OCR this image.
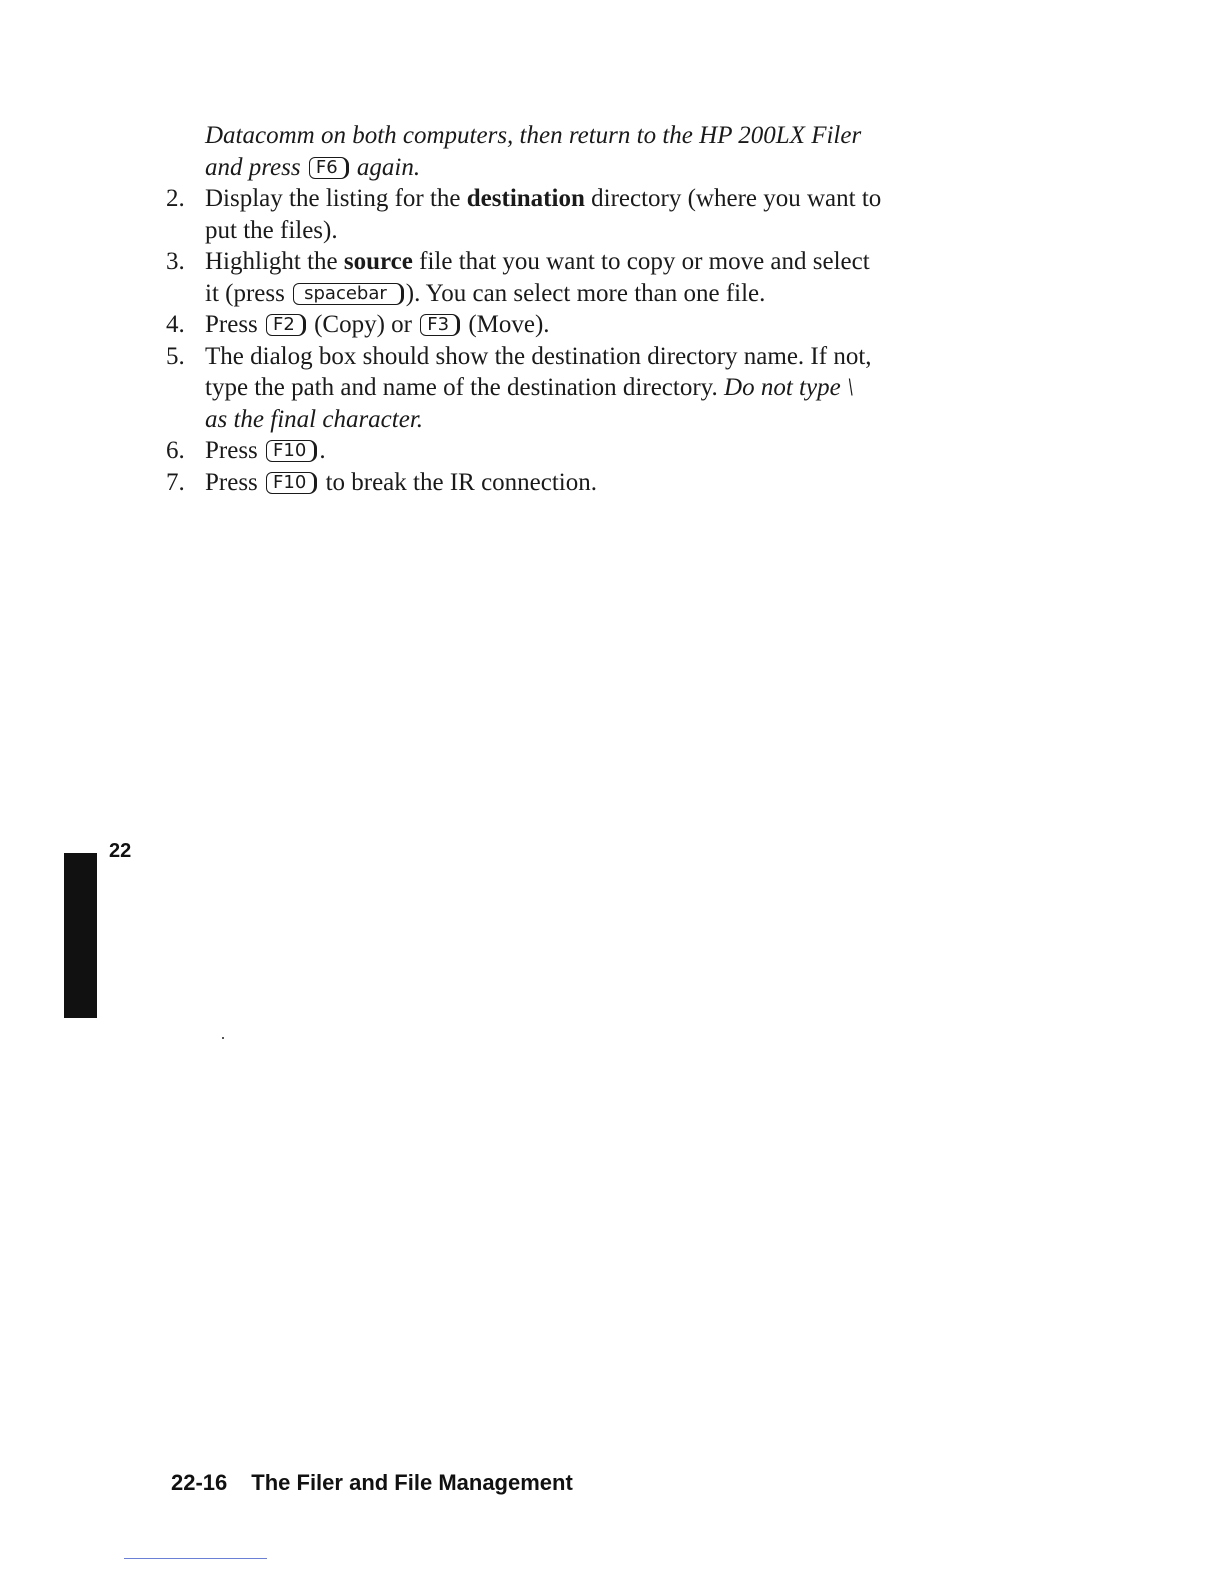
Datacomm on both computers, then return to the HP 200LX Filer
and press F6 again.
2. Display the listing for the destination directory (where you want to
put the files).
3. Highlight the source file that you want to copy or move and select
it (press spacebar ). You can select more than one file.
4. Press F2 (Copy) or F3 (Move).
5. The dialog box should show the destination directory name. If not,
type the path and name of the destination directory. Do not type \
as the final character.
6. Press F10 .
7. Press F10 to break the IR connection.
22
22-16 The Filer and File Management
